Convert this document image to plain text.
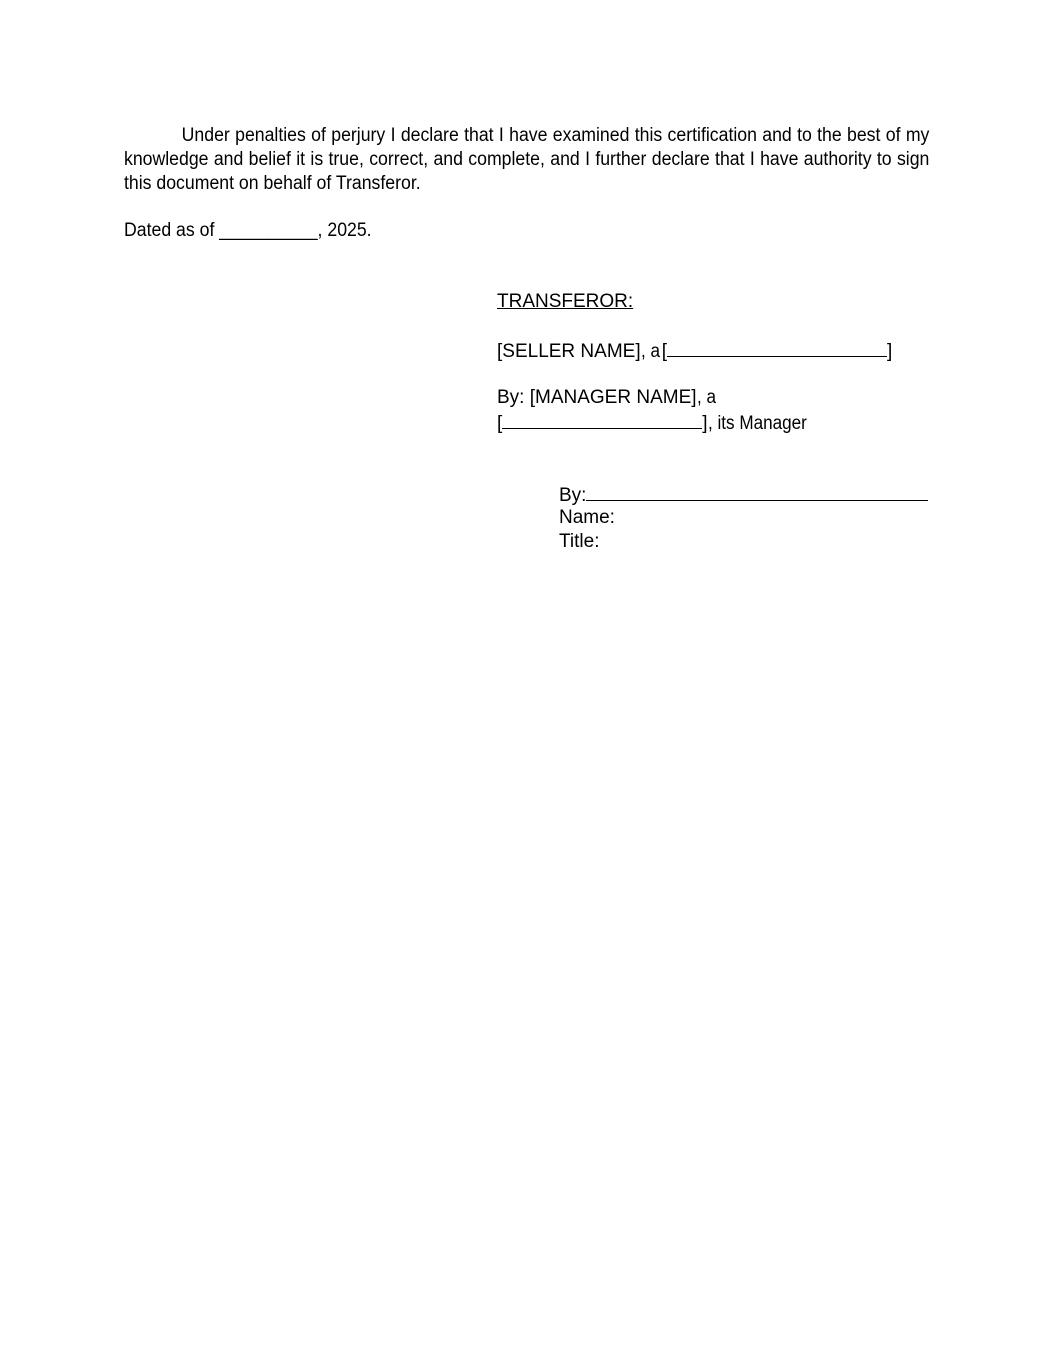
Under penalties of perjury I declare that I have examined this certification and to the best of my knowledge and belief it is true, correct, and complete, and I further declare that I have authority to sign this document on behalf of Transferor.

Dated as of __________, 2025.
TRANSFEROR:
[SELLER NAME], a[	]
By: [MANAGER NAME], a
[	], its Manager
By:
Name:
Title:
